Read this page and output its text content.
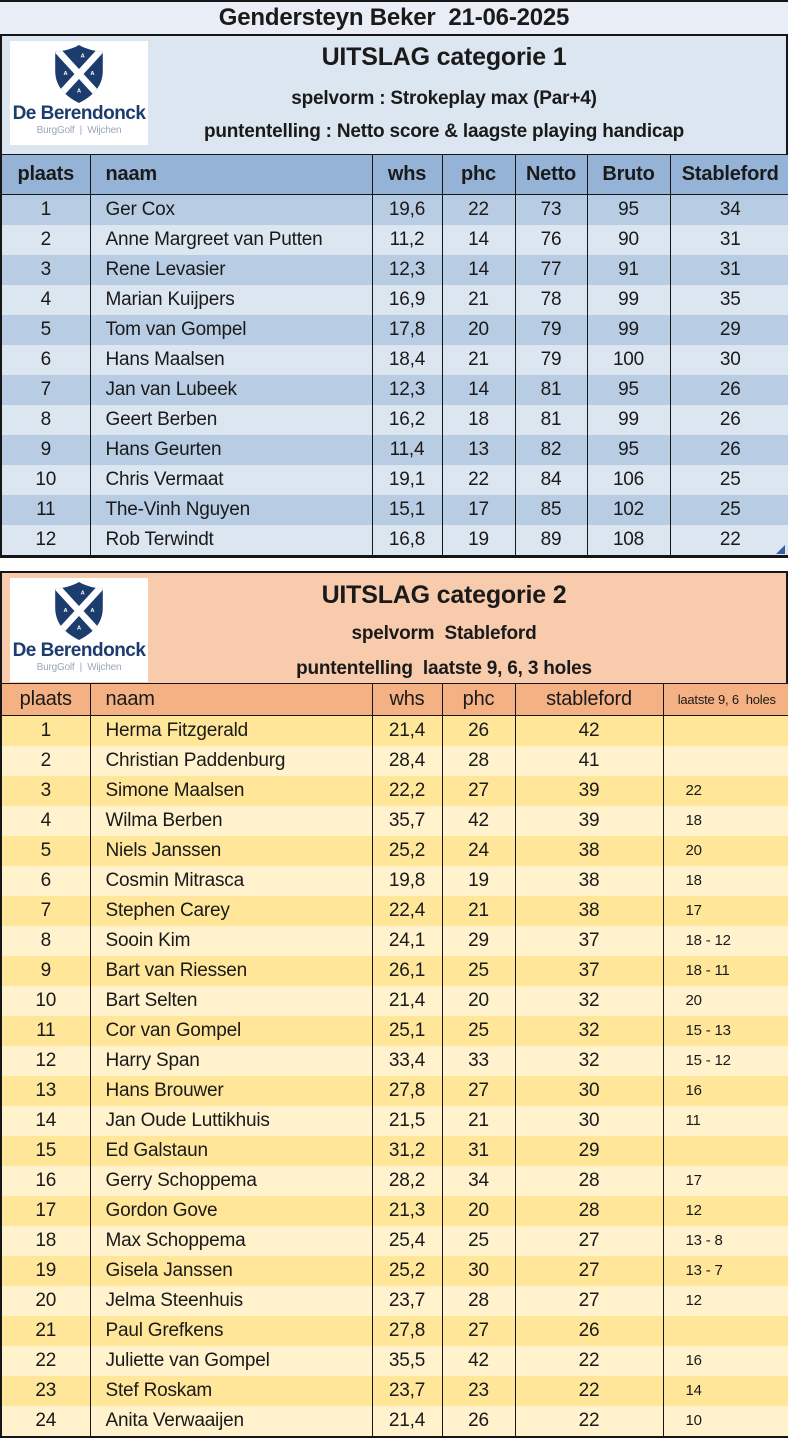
Gendersteyn Beker  21-06-2025
A
A A
A
De Berendonck
BurgGolf  |  Wijchen
UITSLAG categorie 1
spelvorm : Strokeplay max (Par+4)
puntentelling : Netto score & laagste playing handicap
plaats	naam	whs	phc	Netto	Bruto	Stableford
1	Ger Cox	19,6	22	73	95	34
2	Anne Margreet van Putten	11,2	14	76	90	31
3	Rene Levasier	12,3	14	77	91	31
4	Marian Kuijpers	16,9	21	78	99	35
5	Tom van Gompel	17,8	20	79	99	29
6	Hans Maalsen	18,4	21	79	100	30
7	Jan van Lubeek	12,3	14	81	95	26
8	Geert Berben	16,2	18	81	99	26
9	Hans Geurten	11,4	13	82	95	26
10	Chris Vermaat	19,1	22	84	106	25
11	The-Vinh Nguyen	15,1	17	85	102	25
12	Rob Terwindt	16,8	19	89	108	22
A
A A
A
De Berendonck
BurgGolf  |  Wijchen
UITSLAG categorie 2
spelvorm  Stableford
puntentelling  laatste 9, 6, 3 holes
plaats	naam	whs	phc	stableford	laatste 9, 6  holes
1	Herma Fitzgerald	21,4	26	42	
2	Christian Paddenburg	28,4	28	41	
3	Simone Maalsen	22,2	27	39	22
4	Wilma Berben	35,7	42	39	18
5	Niels Janssen	25,2	24	38	20
6	Cosmin Mitrasca	19,8	19	38	18
7	Stephen Carey	22,4	21	38	17
8	Sooin Kim	24,1	29	37	18 - 12
9	Bart van Riessen	26,1	25	37	18 - 11
10	Bart Selten	21,4	20	32	20
11	Cor van Gompel	25,1	25	32	15 - 13
12	Harry Span	33,4	33	32	15 - 12
13	Hans Brouwer	27,8	27	30	16
14	Jan Oude Luttikhuis	21,5	21	30	11
15	Ed Galstaun	31,2	31	29	
16	Gerry Schoppema	28,2	34	28	17
17	Gordon Gove	21,3	20	28	12
18	Max Schoppema	25,4	25	27	13 - 8
19	Gisela Janssen	25,2	30	27	13 - 7
20	Jelma Steenhuis	23,7	28	27	12
21	Paul Grefkens	27,8	27	26	
22	Juliette van Gompel	35,5	42	22	16
23	Stef Roskam	23,7	23	22	14
24	Anita Verwaaijen	21,4	26	22	10
